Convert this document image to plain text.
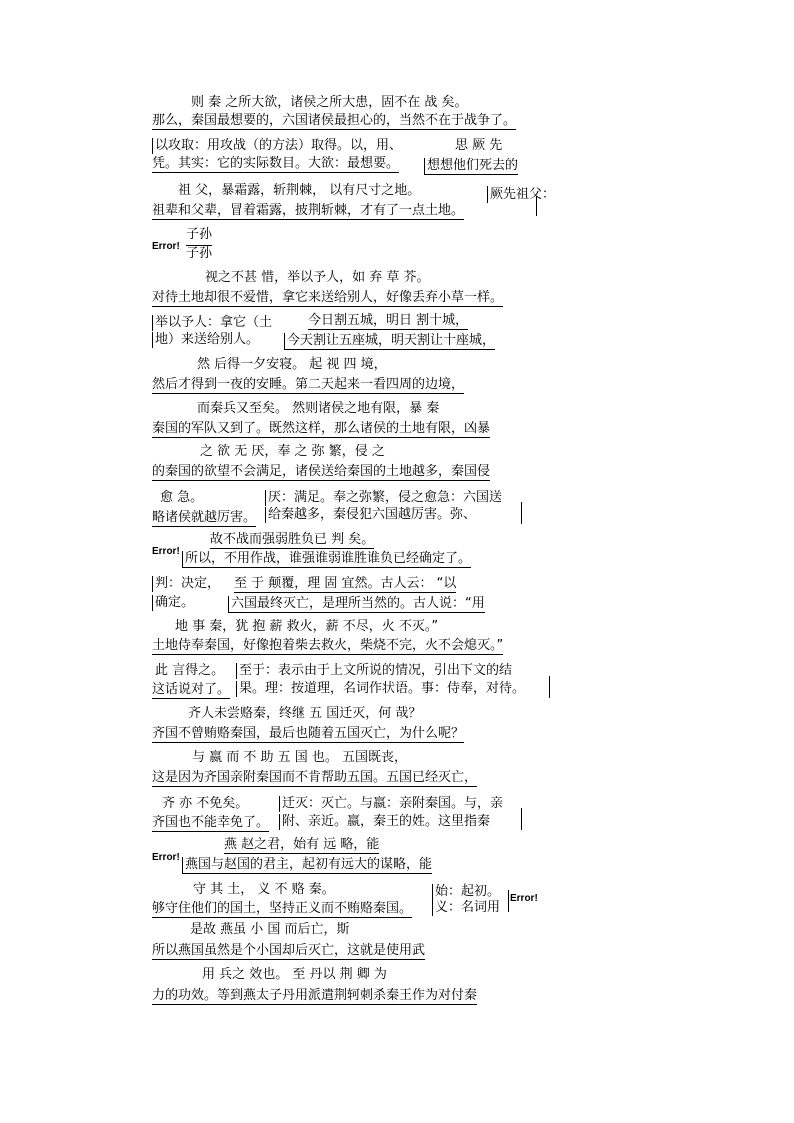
则 秦 之所大欲，诸侯之所大患，固不在 战 矣。
那么，秦国最想要的，六国诸侯最担心的，当然不在于战争了。
以攻取：用攻战（的方法）取得。以，用、
凭。其实：它的实际数目。大欲：最想要。
思 厥 先
想想他们死去的
祖 父，暴霜露，斩荆棘， 以有尺寸之地。
祖辈和父辈，冒着霜露，披荆斩棘，才有了一点土地。
厥先祖父：
Error!
子孙
子孙
视之不甚 惜，举以予人，如 弃 草 芥。
对待土地却很不爱惜，拿它来送给别人，好像丢弃小草一样。
举以予人：拿它（土
地）来送给别人。
今日割五城，明日 割十城，
今天割让五座城，明天割让十座城，
然 后得一夕安寝。 起 视 四 境，
然后才得到一夜的安睡。第二天起来一看四周的边境，
而秦兵又至矣。 然则诸侯之地有限，暴 秦
秦国的军队又到了。既然这样，那么诸侯的土地有限，凶暴
之 欲 无 厌，奉 之 弥 繁，侵 之
的秦国的欲望不会满足，诸侯送给秦国的土地越多，秦国侵
愈 急。
略诸侯就越厉害。
厌：满足。奉之弥繁，侵之愈急：六国送
给秦越多，秦侵犯六国越厉害。弥、
Error!
故不战而强弱胜负已 判 矣。
所以，不用作战，谁强谁弱谁胜谁负已经确定了。
判：决定，
确定。
至 于 颠覆，理 固 宜然。古人云： “以
六国最终灭亡，是理所当然的。古人说：“用
地 事 秦，犹 抱 薪 救火，薪 不尽，火 不灭。”
土地侍奉秦国，好像抱着柴去救火，柴烧不完，火不会熄灭。”
此 言得之。
这话说对了。
至于：表示由于上文所说的情况，引出下文的结
果。理：按道理，名词作状语。事：侍奉，对待。
齐人未尝赂秦，终继 五 国迁灭，何 哉？
齐国不曾贿赂秦国，最后也随着五国灭亡，为什么呢？
与 嬴 而 不 助 五 国 也。 五国既丧，
这是因为齐国亲附秦国而不肯帮助五国。五国已经灭亡，
齐 亦 不免矣。
齐国也不能幸免了。
迁灭：灭亡。与嬴：亲附秦国。与，亲
附、亲近。嬴，秦王的姓。这里指秦
Error!
燕 赵之君，始有 远 略，能
燕国与赵国的君主，起初有远大的谋略，能
守 其 土， 义 不 赂 秦。
够守住他们的国土，坚持正义而不贿赂秦国。
始：起初。
义：名词用
Error!
是故 燕虽 小 国 而后亡，斯
所以燕国虽然是个小国却后灭亡，这就是使用武
用 兵之 效也。 至 丹以 荆 卿 为
力的功效。等到燕太子丹用派遣荆轲刺杀秦王作为对付秦
